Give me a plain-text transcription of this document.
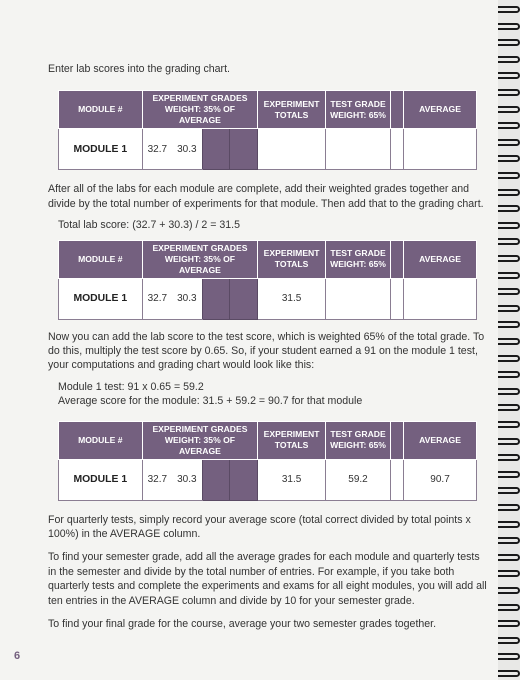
Enter lab scores into the grading chart.

MODULE #	EXPERIMENT GRADES WEIGHT: 35% OF AVERAGE				EXPERIMENT TOTALS	TEST GRADE WEIGHT: 65%		AVERAGE
MODULE 1	32.7	30.3						

After all of the labs for each module are complete, add their weighted grades together and divide by the total number of experiments for that module. Then add that to the grading chart.

Total lab score: (32.7 + 30.3) / 2 = 31.5

MODULE #	EXPERIMENT GRADES WEIGHT: 35% OF AVERAGE				EXPERIMENT TOTALS	TEST GRADE WEIGHT: 65%		AVERAGE
MODULE 1	32.7	30.3			31.5			

Now you can add the lab score to the test score, which is weighted 65% of the total grade. To do this, multiply the test score by 0.65. So, if your student earned a 91 on the module 1 test, your computations and grading chart would look like this:

Module 1 test: 91 x 0.65 = 59.2

Average score for the module: 31.5 + 59.2 = 90.7 for that module

MODULE #	EXPERIMENT GRADES WEIGHT: 35% OF AVERAGE				EXPERIMENT TOTALS	TEST GRADE WEIGHT: 65%		AVERAGE
MODULE 1	32.7	30.3			31.5	59.2		90.7

For quarterly tests, simply record your average score (total correct divided by total points x 100%) in the AVERAGE column.

To find your semester grade, add all the average grades for each module and quarterly tests in the semester and divide by the total number of entries. For example, if you take both quarterly tests and complete the experiments and exams for all eight modules, you will add all ten entries in the AVERAGE column and divide by 10 for your semester grade.

To find your final grade for the course, average your two semester grades together.

6
